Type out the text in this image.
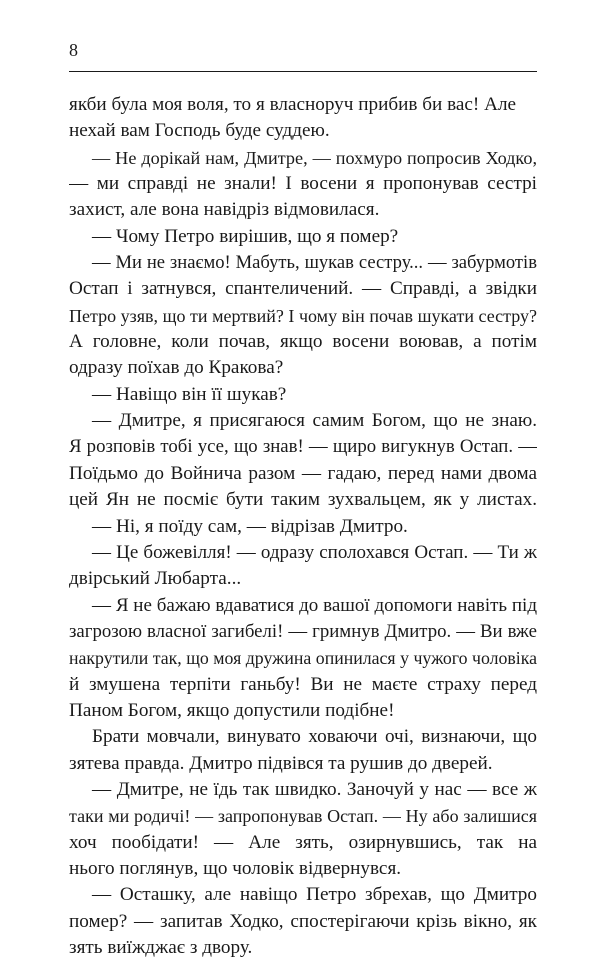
8
якби була моя воля, то я власноруч прибив би вас! Але
нехай вам Господь буде суддею.
— Не дорікай нам, Дмитре, — похмуро попросив Ходко,
— ми справді не знали! І восени я пропонував сестрі
захист, але вона навідріз відмовилася.
— Чому Петро вирішив, що я помер?
— Ми не знаємо! Мабуть, шукав сестру... — забурмотів
Остап і затнувся, спантеличений. — Справді, а звідки
Петро узяв, що ти мертвий? І чому він почав шукати сестру?
А головне, коли почав, якщо восени воював, а потім
одразу поїхав до Кракова?
— Навіщо він її шукав?
— Дмитре, я присягаюся самим Богом, що не знаю.
Я розповів тобі усе, що знав! — щиро вигукнув Остап. —
Поїдьмо до Войнича разом — гадаю, перед нами двома
цей Ян не посміє бути таким зухвальцем, як у листах.
— Ні, я поїду сам, — відрізав Дмитро.
— Це божевілля! — одразу сполохався Остап. — Ти ж
двірський Любарта...
— Я не бажаю вдаватися до вашої допомоги навіть під
загрозою власної загибелі! — гримнув Дмитро. — Ви вже
накрутили так, що моя дружина опинилася у чужого чоловіка
й змушена терпіти ганьбу! Ви не маєте страху перед
Паном Богом, якщо допустили подібне!
Брати мовчали, винувато ховаючи очі, визнаючи, що
зятева правда. Дмитро підвівся та рушив до дверей.
— Дмитре, не їдь так швидко. Заночуй у нас — все ж
таки ми родичі! — запропонував Остап. — Ну або залишися
хоч пообідати! — Але зять, озирнувшись, так на
нього поглянув, що чоловік відвернувся.
— Осташку, але навіщо Петро збрехав, що Дмитро
помер? — запитав Ходко, спостерігаючи крізь вікно, як
зять виїжджає з двору.
